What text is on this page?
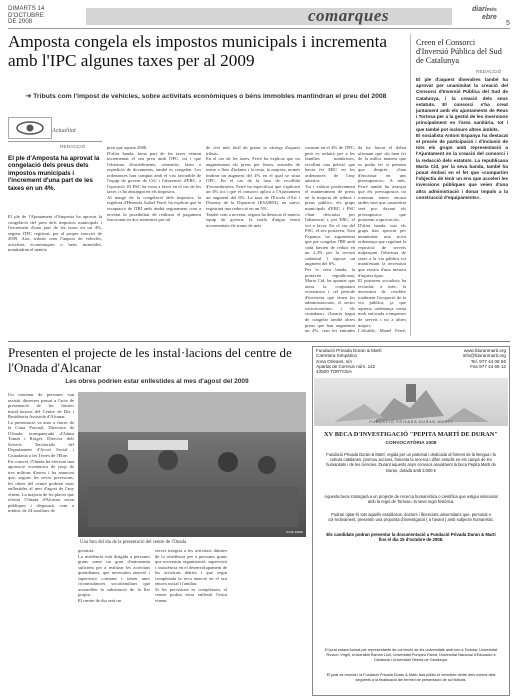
DIMARTS 14
D'OCTUBRE
DE 2008	comarques	diarimés
ebre
5
Amposta congela els impostos municipals i incrementa amb l'IPC algunes taxes per al 2009
➜ Tributs com l'impost de vehicles, sobre activitats econòmiques o béns immobles mantindran el preu del 2008
Actualitat
REDACCIÓ
El ple d'Amposta ha aprovat la congelació dels preus dels impostos municipals i l'increment d'una part de les taxes en un 4%.
El ple de l'Ajuntament d'Amposta ha aprovat la congelació del preu dels impostos municipals i l'increment d'una part de les taxes en un 4%, segons l'IPC registrat, per al proper exercici de 2009. Així, tributs com l'impost de vehicles, activitats econòmiques o béns immobles, mantindran el mateix
preu que aquest 2008.
D'altra banda, bona part de les taxes veuran incrementat el seu preu amb l'IPC, tot i que l'obertura d'establiments, cementiri, fases o expedició de documents, també es congelen. Les ordenances han comptat amb el vist favorable de l'equip de govern de CiU i l'abstenció d'ERC, a l'oposició. El PSC ha votat a favor en el cas de les taxes i s'ha abstingut en els impostos.
Al marge de la congelació dels impostos, la regidora d'Hisenda, Isabel Ferré, ha explicat que la recaptació de l'IBI amb tindrà segurament com a novetat la possibilitat de realitzar el pagament fraccionat en dos semestres per tal
de «fer més fàcil de portar la càrrega d'aquest tribut».
En el cas de les taxes, Ferré ha explicat que no augmentaran els preus per festes, entrades de teatre o llars d'infants i la resta, la majoria, només tindran un augment del 4% en el qual se situa l'IPC. En el cas de la taxa de recollida d'escombraries, Ferré ha especificat que s'aplicarà un 4% tot i que el consorci aplica a l'Ajuntament un augment del 6%. La taxa de l'Escola d'Art i Disseny de la Diputació (ESARDI), en canvi, registrarà una reducció en un 5%.
També com a novetat, segons ha destacat el mateix equip de govern, la tarifa d'aigua veurà incrementats els trams de més
Creen el Consorci d'Inversió Pública del Sud de Catalunya
REDACCIÓ
El ple d'aquest divendres també ha aprovat per unanimitat la creació del Consorci d'Inversió Pública del Sud de Catalunya, i la creació dels seus estatuts. El consorci s'ha creat juntament amb els ajuntaments de Reus i Tortosa per a la gestió de les inversions principalment en l'àrea sanitària, tot i que també pot incloure altres àmbits.
El socialista Antoni Espanya ha destacat el procés de participació i d'inclusió de tots els grups amb representació a l'Ajuntament en la creació del consorci i la redacció dels estatuts. La republicana Marta Cid, per la seva banda, també ha posat èmfasi en el fet que «compartim l'objectiu de tenir un ens que acceleri les inversions públiques que veien d'una altra administració i donar impuls a la construcció d'equipaments».
Presenten el projecte de les instal·lacions del centre de l'Onada d'Alcanar
Les obres podrien estar enllestides al mes d'agost del 2009
Un centenar de persones van assistir dimecres passat a l'acte de presentació de les futures instal·lacions del Centre de Dia i Residència Assistida d'Alcanar.
La presentació va anar a càrrec de la Cinta Pascual, Directora de l'Onada, acompanyada d'Adam Tomàs i Roiget, Director dels Serveis Territorials del Departament d'Acció Social i Ciutadania a les Terres de l'Ebre.
En concret, l'Onada ha efectuat una aportació econòmica de prop de tres milions d'euros i ha anunciat que, segons les seves previsions, les obres del centre podrien estar enllestides al mes d'agost de l'any vinent. La majoria de les places que oferirà l'Onada d'Alcanar seran públiques i disposarà, com a mínim, de 24 auxiliars de
DIARI EBRE
Una foto del dia de la presentació del centre de l'Onada
geriatria.
La residència està dirigida a persones grans sense un grau d'autonomia suficient per a realitzar les activitats quotidianes, que necessiten atenció i supervisió constant i tenen unes circumstàncies sociofamiliars que aconsellen la substitució de la llar pròpia.
El centre de dia serà un
servei integrat a les activitats diürnes de la residència per a persones grans que necessitin organització, supervisió i assistència en el desenvolupament de les activitats diàries i que vegin completada la seva atenció en el seu entorn social i familiar.
Si les previsions es compleixen, el centre podria estar enllestit l'estiu vinent.
Fundació Privada Duran & Martí
Carretera Simpàtica
zona Orleans, s/n
Apartat de Correus núm. 142
43500 TORTOSA
www.fduranmarti.org
info@fduranmarti.org
Tel. 977 44 08 56
Fax 977 44 69 12
FUNDACIÓ PRIVADA DURAN MARTÍ
XV BECA D'INVESTIGACIÓ "PEPITA MARTÍ DE DURAN"
CONVOCATÒRIA 2008
Fundació Privada Duran & Martí, regida per un patronat i dedicada al foment de la llengua i la cultura catalanes, promou accions, fomenta la recerca i difon estudis en els camps de les humanitats i de les ciències. Durant aquests anys convoca anualment la beca Pepita Martí de Duran, dotada amb 3.000 €
Aquesta beca s'atorgarà a un projecte de recerca humanística o científica que estigui relacionat amb la regió de Tortosa i la seva regió històrica.
Podran optar-hi tots aquells estudiosos, doctors i llicenciats universitaris que, personal o col·lectivament, presentin una proposta d'investigació ( a l'avant ) amb subjecte humanístic.
Els candidats podran presentar la documentació a Fundació Privada Duran & Martí fins el dia 15 d'octubre de 2008.
El jurat estarà format per representants de col·lecció de les universitats amb seu a Tortosa: Universitat Rovira i Virgili, Universitat Ramon Llull, Universitat Pompeu Fabra, Universitat Nacional d'Educació a Distància i Universitat Oberta de Catalunya.
El jurat es reunirà i la Fundació Privada Duran & Martí farà públic el veredicte dintre dels mesos dels següents a la finalització del termini de presentació de sol·licituds.
consum en el 4% de l'IPC, però es reduirà per a les famílies nombroses, recollint una petició que havia fet ERC en les ordenances de l'any anterior.
Tot i valorar positivament el manteniment de preus en la majoria de tributs i preus públics, els grups municipals d'ERC i PSC s'han descartat per l'abstenció i, per ERC, el vot a favor. En el cas del PSC, el seu portaveu, Toni Espanya ha argumentat que per congelar l'IBI amb cada havien de reduir en un 2,4% per la revisió cadastral 'i suposa un augment del 6%.
Per la seva banda, la portaveu republicana, Marta Cid, ha apuntat que atesa la conjuntura econòmica i «el període d'incertesa que viuen les administracions, el sector socioeconòmic i els ciutadans» s'hauria hagut de congelar també altres preus que han augmentat un 4%, com les entrades

da ha fascat el debat afirmant que «hi hem fet de la millor manera que es podia fer si pensem que després s'han d'encaixar en uns pressupostos». A més, Ferré també ha avançat que els pressupostos no tornaran tenen encara tardes sinó que «austeritat serà poc davant els pressupostos que portarem a aprovació».
D'altra banda, tots els grups han aprovat per unanimitat una nova ordenança que regularà la reposició de serveis mitjançant l'obertura de rases a la via pública tot manifestant la necessitat que existia d'una mesura d'aquest tipus.
El portaveu socialista ha recordat, a més, la necessitat de resoldre totalment l'ocupació de la via pública, ja que aquesta ordenança venia molt enfocada a empreses de serveis i no a altres majors.
L'alcalde, Manel Ferré,
